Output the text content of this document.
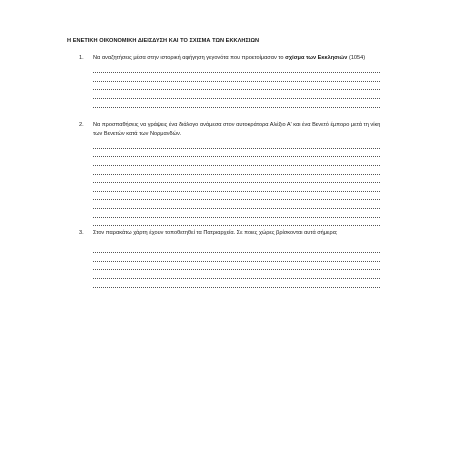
Η ΕΝΕΤΙΚΗ ΟΙΚΟΝΟΜΙΚΗ ΔΙΕΙΣΔΥΣΗ ΚΑΙ ΤΟ ΣΧΙΣΜΑ ΤΩΝ ΕΚΚΛΗΣΙΩΝ
1.	Να αναζητήσεις μέσα στην ιστορική αφήγηση γεγονότα που προετοίμασαν το σχίσμα των Εκκλησιών (1054)
2.	Να προσπαθήσεις να γράψεις ένα διάλογο ανάμεσα στον αυτοκράτορα Αλέξιο Α' και ένα Βενετό έμπορο μετά τη νίκη των Βενετών κατά των Νορμανδών.
3.	Στον παρακάτω χάρτη έχουν τοποθετηθεί τα Πατριαρχεία. Σε ποιες χώρες βρίσκονται αυτά σήμερα;
